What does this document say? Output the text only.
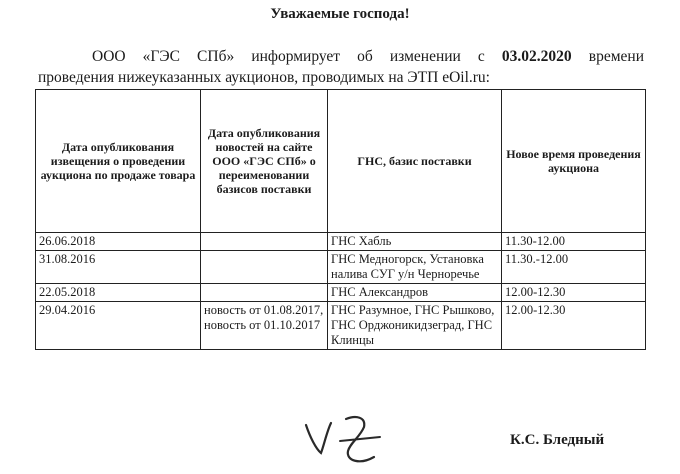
Уважаемые господа!
ООО «ГЭС СПб» информирует об изменении с 03.02.2020 времени
проведения нижеуказанных аукционов, проводимых на ЭТП eOil.ru:
Дата опубликования извещения о проведении аукциона по продаже товара	Дата опубликования новостей на сайте ООО «ГЭС СПб» о переименовании базисов поставки	ГНС, базис поставки	Новое время проведения аукциона
26.06.2018		ГНС Хабль	11.30-12.00
31.08.2016		ГНС Медногорск, Установка налива СУГ у/н Черноречье	11.30.-12.00
22.05.2018		ГНС Александров	12.00-12.30
29.04.2016	новость от 01.08.2017, новость от 01.10.2017	ГНС Разумное, ГНС Рышково, ГНС Орджоникидзеград, ГНС Клинцы	12.00-12.30
К.С. Бледный
